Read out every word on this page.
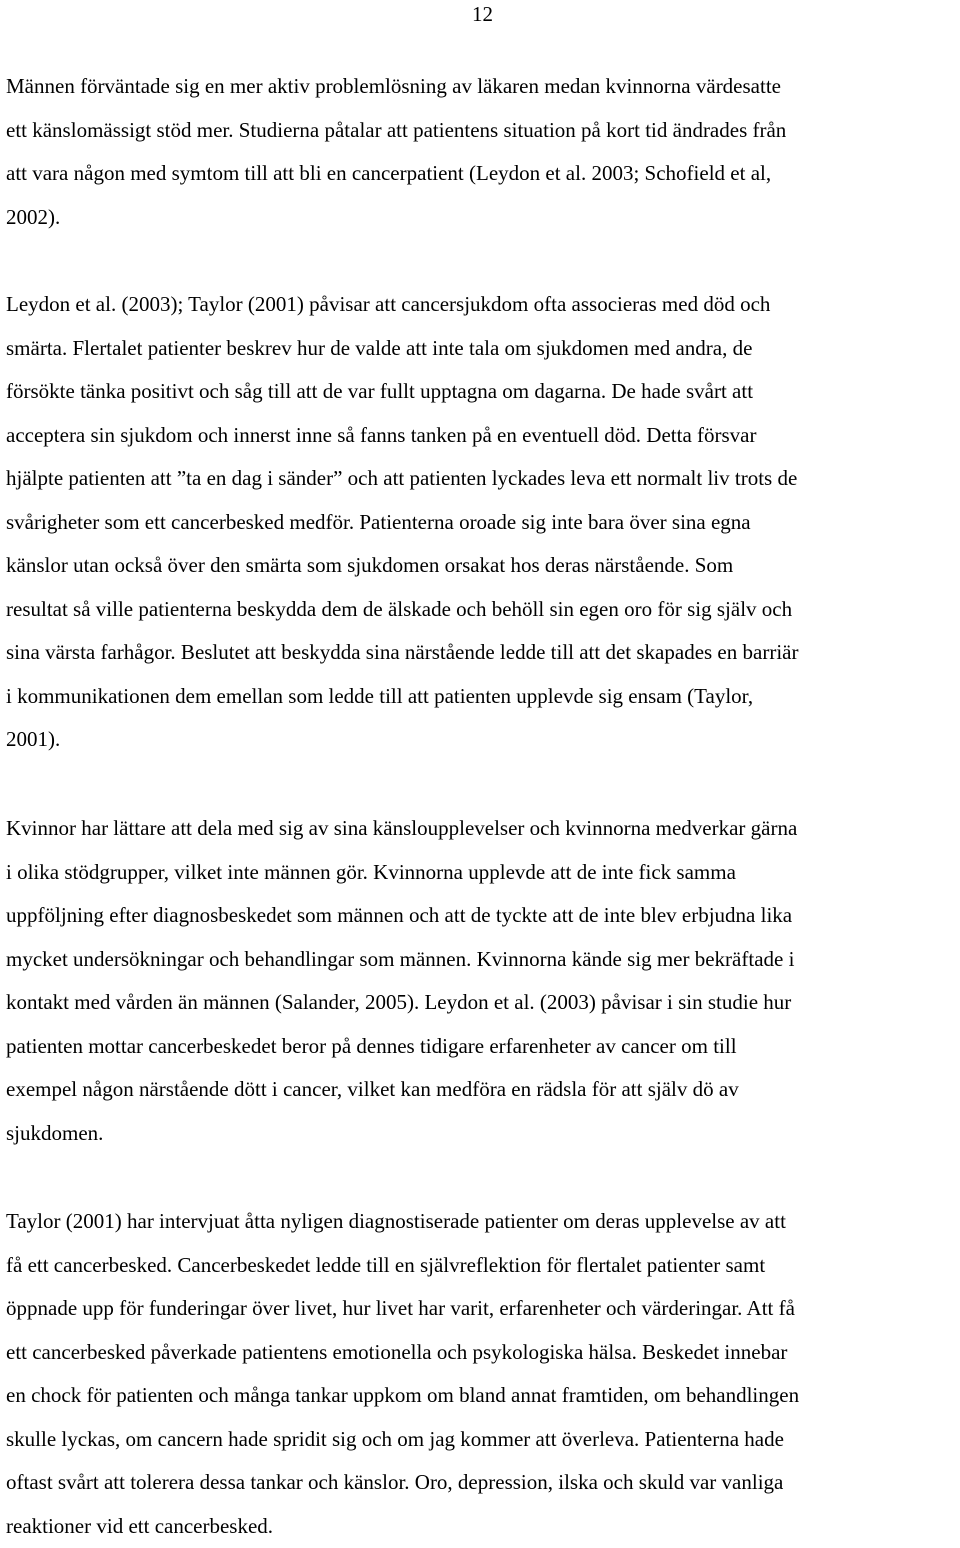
12
Männen förväntade sig en mer aktiv problemlösning av läkaren medan kvinnorna värdesatte
ett känslomässigt stöd mer. Studierna påtalar att patientens situation på kort tid ändrades från
att vara någon med symtom till att bli en cancerpatient (Leydon et al. 2003; Schofield et al,
2002).
Leydon et al. (2003); Taylor (2001) påvisar att cancersjukdom ofta associeras med död och
smärta. Flertalet patienter beskrev hur de valde att inte tala om sjukdomen med andra, de
försökte tänka positivt och såg till att de var fullt upptagna om dagarna. De hade svårt att
acceptera sin sjukdom och innerst inne så fanns tanken på en eventuell död. Detta försvar
hjälpte patienten att ”ta en dag i sänder” och att patienten lyckades leva ett normalt liv trots de
svårigheter som ett cancerbesked medför. Patienterna oroade sig inte bara över sina egna
känslor utan också över den smärta som sjukdomen orsakat hos deras närstående. Som
resultat så ville patienterna beskydda dem de älskade och behöll sin egen oro för sig själv och
sina värsta farhågor. Beslutet att beskydda sina närstående ledde till att det skapades en barriär
i kommunikationen dem emellan som ledde till att patienten upplevde sig ensam (Taylor,
2001).
Kvinnor har lättare att dela med sig av sina känsloupplevelser och kvinnorna medverkar gärna
i olika stödgrupper, vilket inte männen gör. Kvinnorna upplevde att de inte fick samma
uppföljning efter diagnosbeskedet som männen och att de tyckte att de inte blev erbjudna lika
mycket undersökningar och behandlingar som männen. Kvinnorna kände sig mer bekräftade i
kontakt med vården än männen (Salander, 2005). Leydon et al. (2003) påvisar i sin studie hur
patienten mottar cancerbeskedet beror på dennes tidigare erfarenheter av cancer om till
exempel någon närstående dött i cancer, vilket kan medföra en rädsla för att själv dö av
sjukdomen.
Taylor (2001) har intervjuat åtta nyligen diagnostiserade patienter om deras upplevelse av att
få ett cancerbesked. Cancerbeskedet ledde till en självreflektion för flertalet patienter samt
öppnade upp för funderingar över livet, hur livet har varit, erfarenheter och värderingar. Att få
ett cancerbesked påverkade patientens emotionella och psykologiska hälsa. Beskedet innebar
en chock för patienten och många tankar uppkom om bland annat framtiden, om behandlingen
skulle lyckas, om cancern hade spridit sig och om jag kommer att överleva. Patienterna hade
oftast svårt att tolerera dessa tankar och känslor. Oro, depression, ilska och skuld var vanliga
reaktioner vid ett cancerbesked.
